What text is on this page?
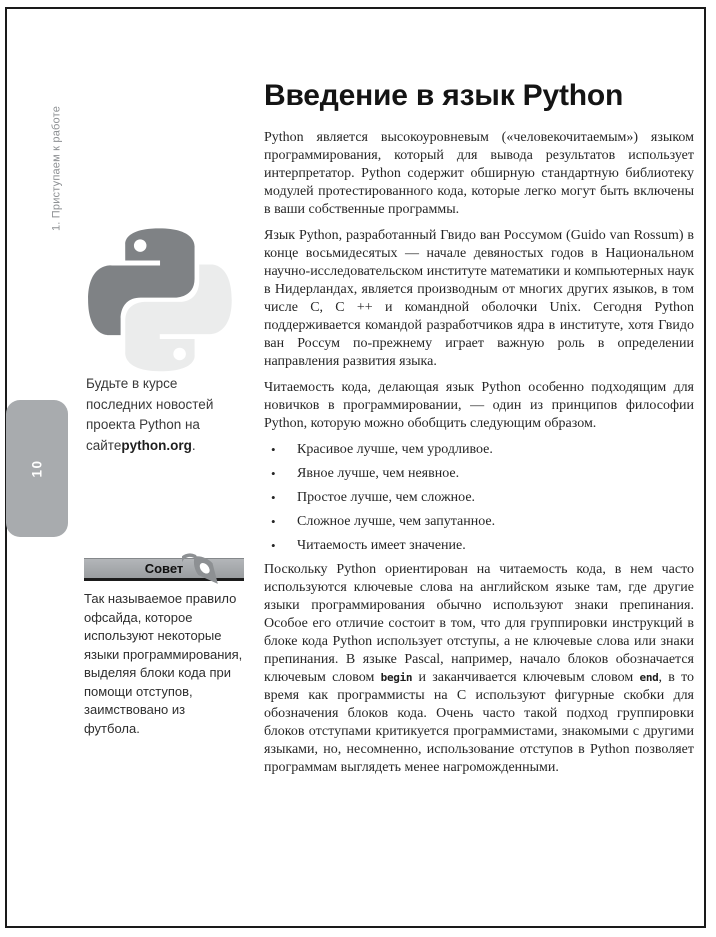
1. Приступаем к работе
10

Будьте в курсе последних новостей проекта Python на сайтеpython.org.

Совет

Так называемое правило офсайда, которое используют некоторые языки программирования, выделяя блоки кода при помощи отступов, заимствовано из футбола.

Введение в язык Python

Python является высокоуровневым («человекочитаемым») языком программирования, который для вывода результатов использует интерпретатор. Python содержит обширную стандартную библиотеку модулей протестированного кода, которые легко могут быть включены в ваши собственные программы.

Язык Python, разработанный Гвидо ван Россумом (Guido van Rossum) в конце восьмидесятых — начале девяностых годов в Национальном научно-исследовательском институте математики и компьютерных наук в Нидерландах, является производным от многих других языков, в том числе C, C ++ и командной оболочки Unix. Сегодня Python поддерживается командой разработчиков ядра в институте, хотя Гвидо ван Россум по-прежнему играет важную роль в определении направления развития языка.

Читаемость кода, делающая язык Python особенно подходящим для новичков в программировании, — один из принципов философии Python, которую можно обобщить следующим образом.

• Красивое лучше, чем уродливое.
• Явное лучше, чем неявное.
• Простое лучше, чем сложное.
• Сложное лучше, чем запутанное.
• Читаемость имеет значение.

Поскольку Python ориентирован на читаемость кода, в нем часто используются ключевые слова на английском языке там, где другие языки программирования обычно используют знаки препинания. Особое его отличие состоит в том, что для группировки инструкций в блоке кода Python использует отступы, а не ключевые слова или знаки препинания. В языке Pascal, например, начало блоков обозначается ключевым словом begin и заканчивается ключевым словом end, в то время как программисты на C используют фигурные скобки для обозначения блоков кода. Очень часто такой подход группировки блоков отступами критикуется программистами, знакомыми с другими языками, но, несомненно, использование отступов в Python позволяет программам выглядеть менее нагроможденными.
